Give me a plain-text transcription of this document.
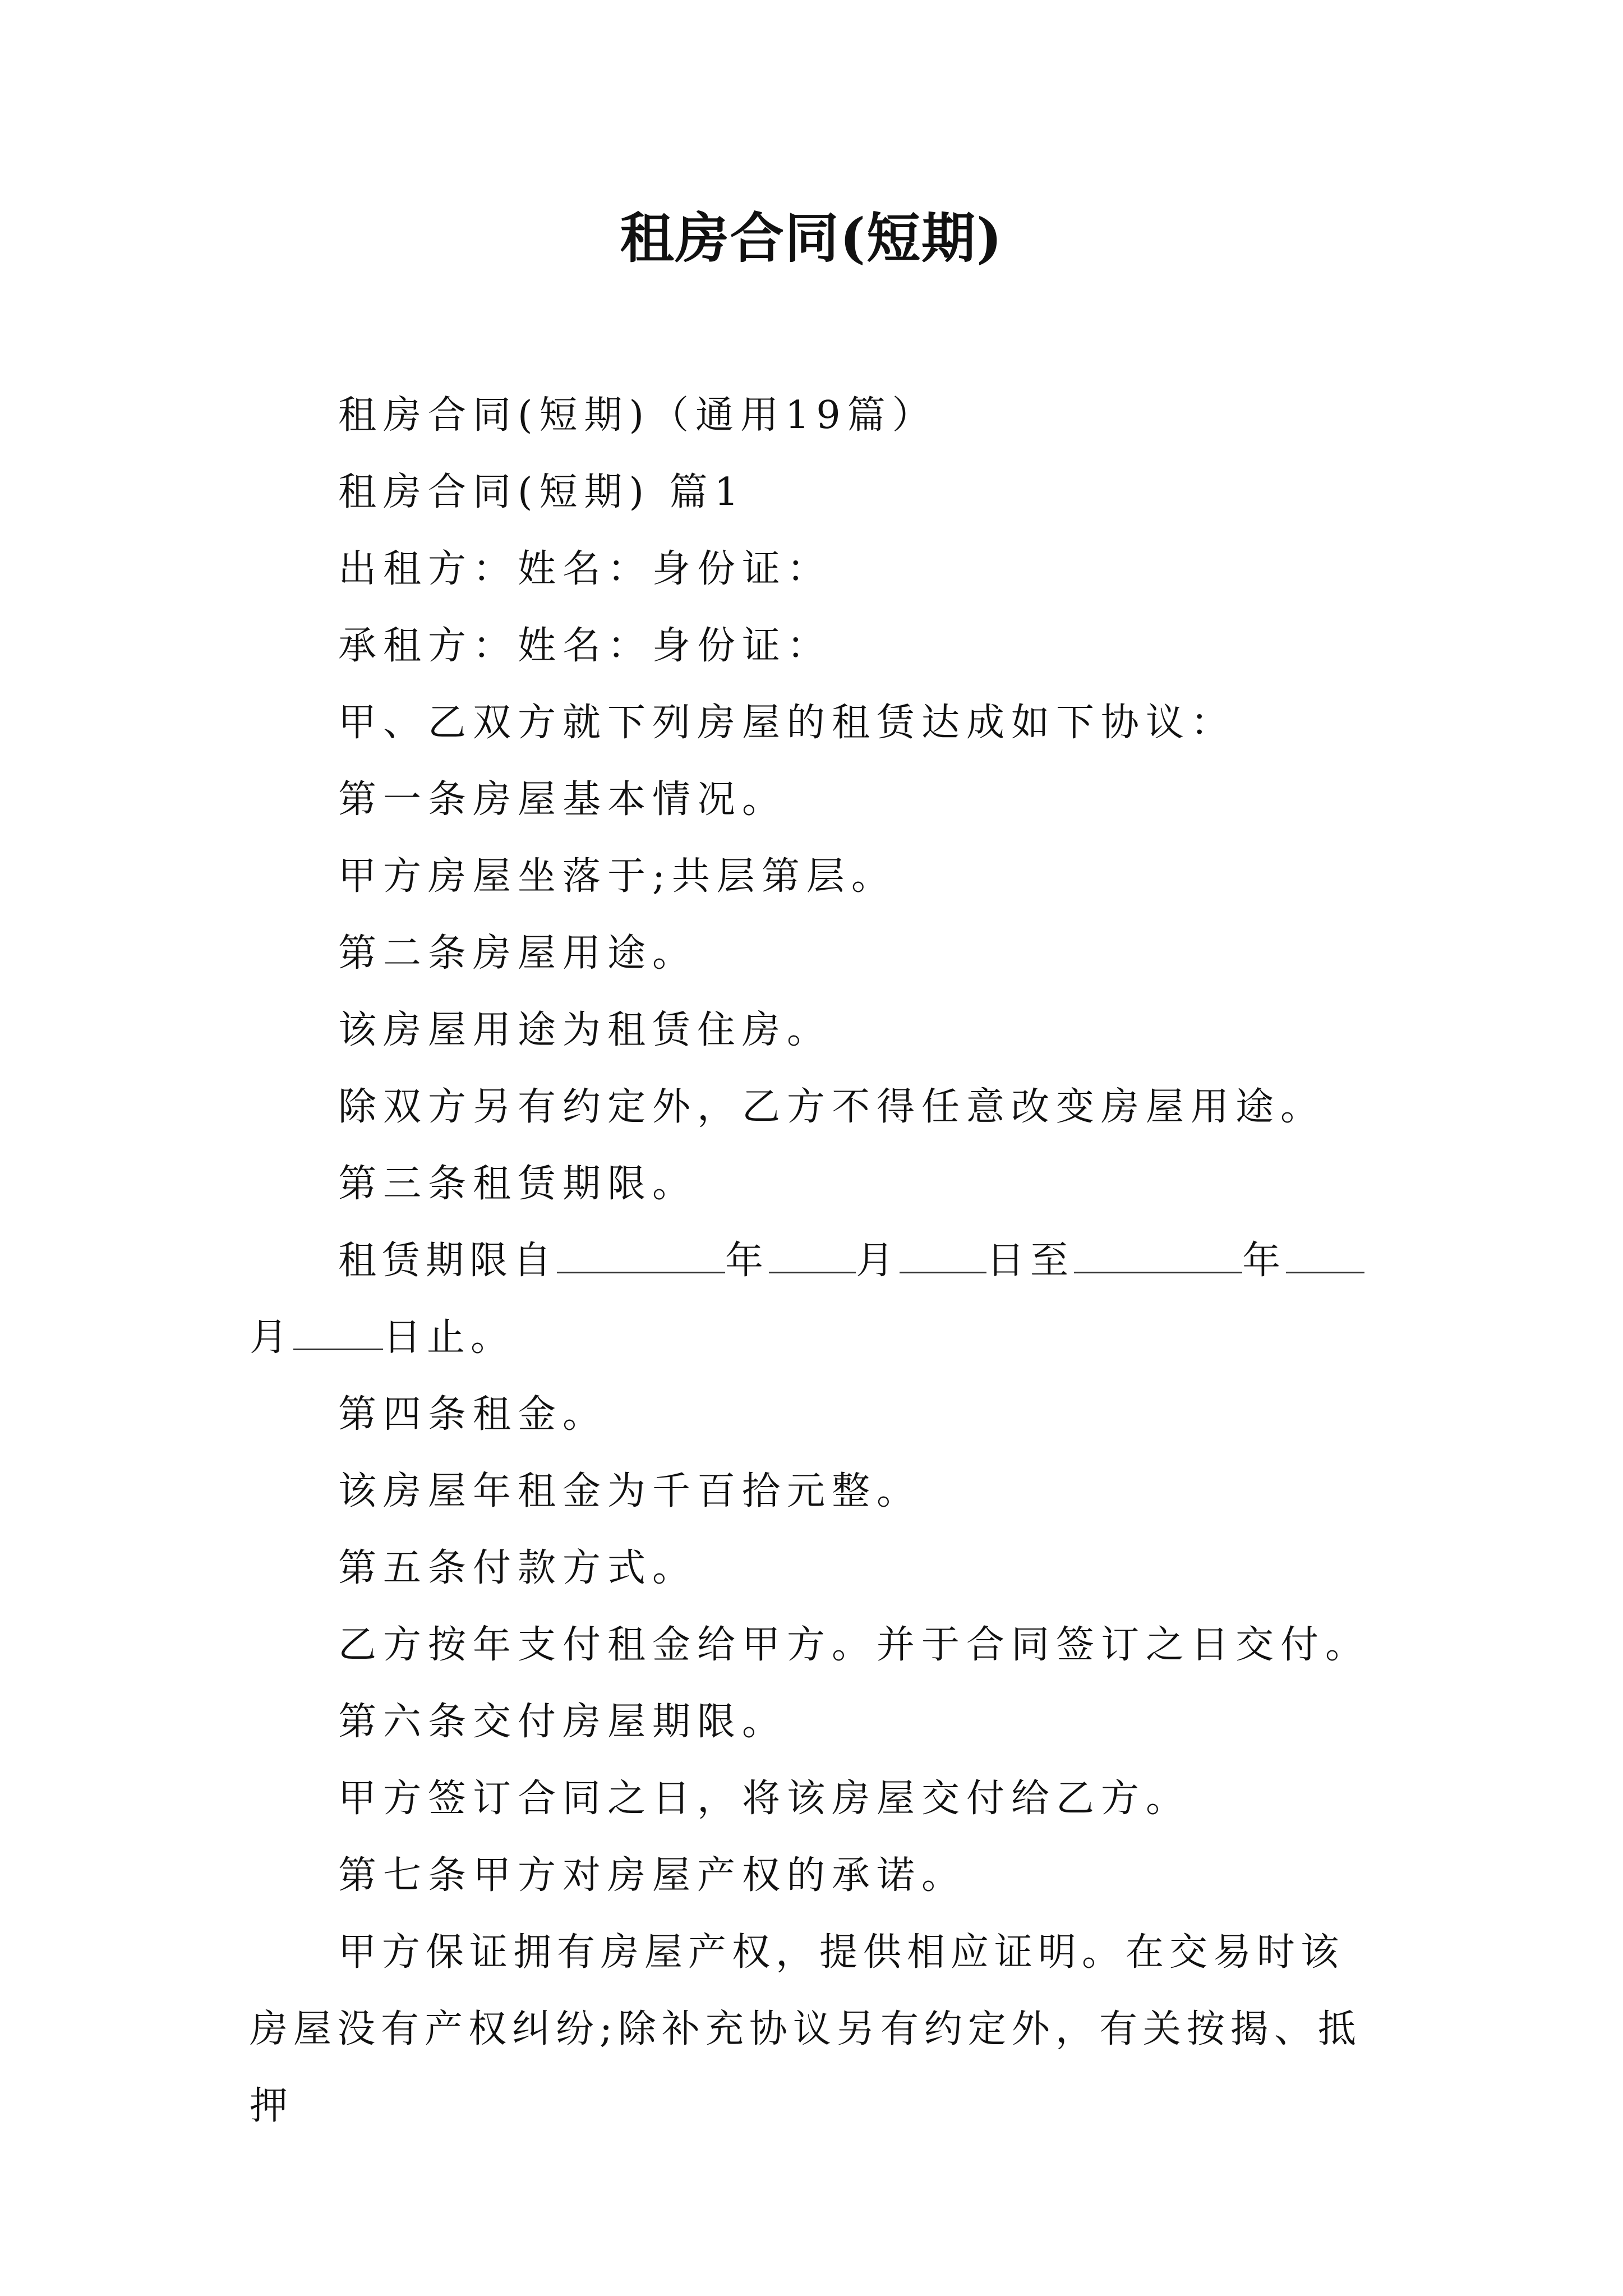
租房合同(短期)

租房合同(短期)（通用19篇）

租房合同(短期) 篇1

出租方：姓名：身份证：

承租方：姓名：身份证：

甲、乙双方就下列房屋的租赁达成如下协议：

第一条房屋基本情况。

甲方房屋坐落于;共层第层。

第二条房屋用途。

该房屋用途为租赁住房。

除双方另有约定外，乙方不得任意改变房屋用途。

第三条租赁期限。

租赁期限自	年 月 日至	年月 日止。

第四条租金。

该房屋年租金为千百拾元整。

第五条付款方式。

乙方按年支付租金给甲方。并于合同签订之日交付。

第六条交付房屋期限。

甲方签订合同之日，将该房屋交付给乙方。

第七条甲方对房屋产权的承诺。

甲方保证拥有房屋产权，提供相应证明。在交易时该房屋没有产权纠纷;除补充协议另有约定外，有关按揭、抵押
